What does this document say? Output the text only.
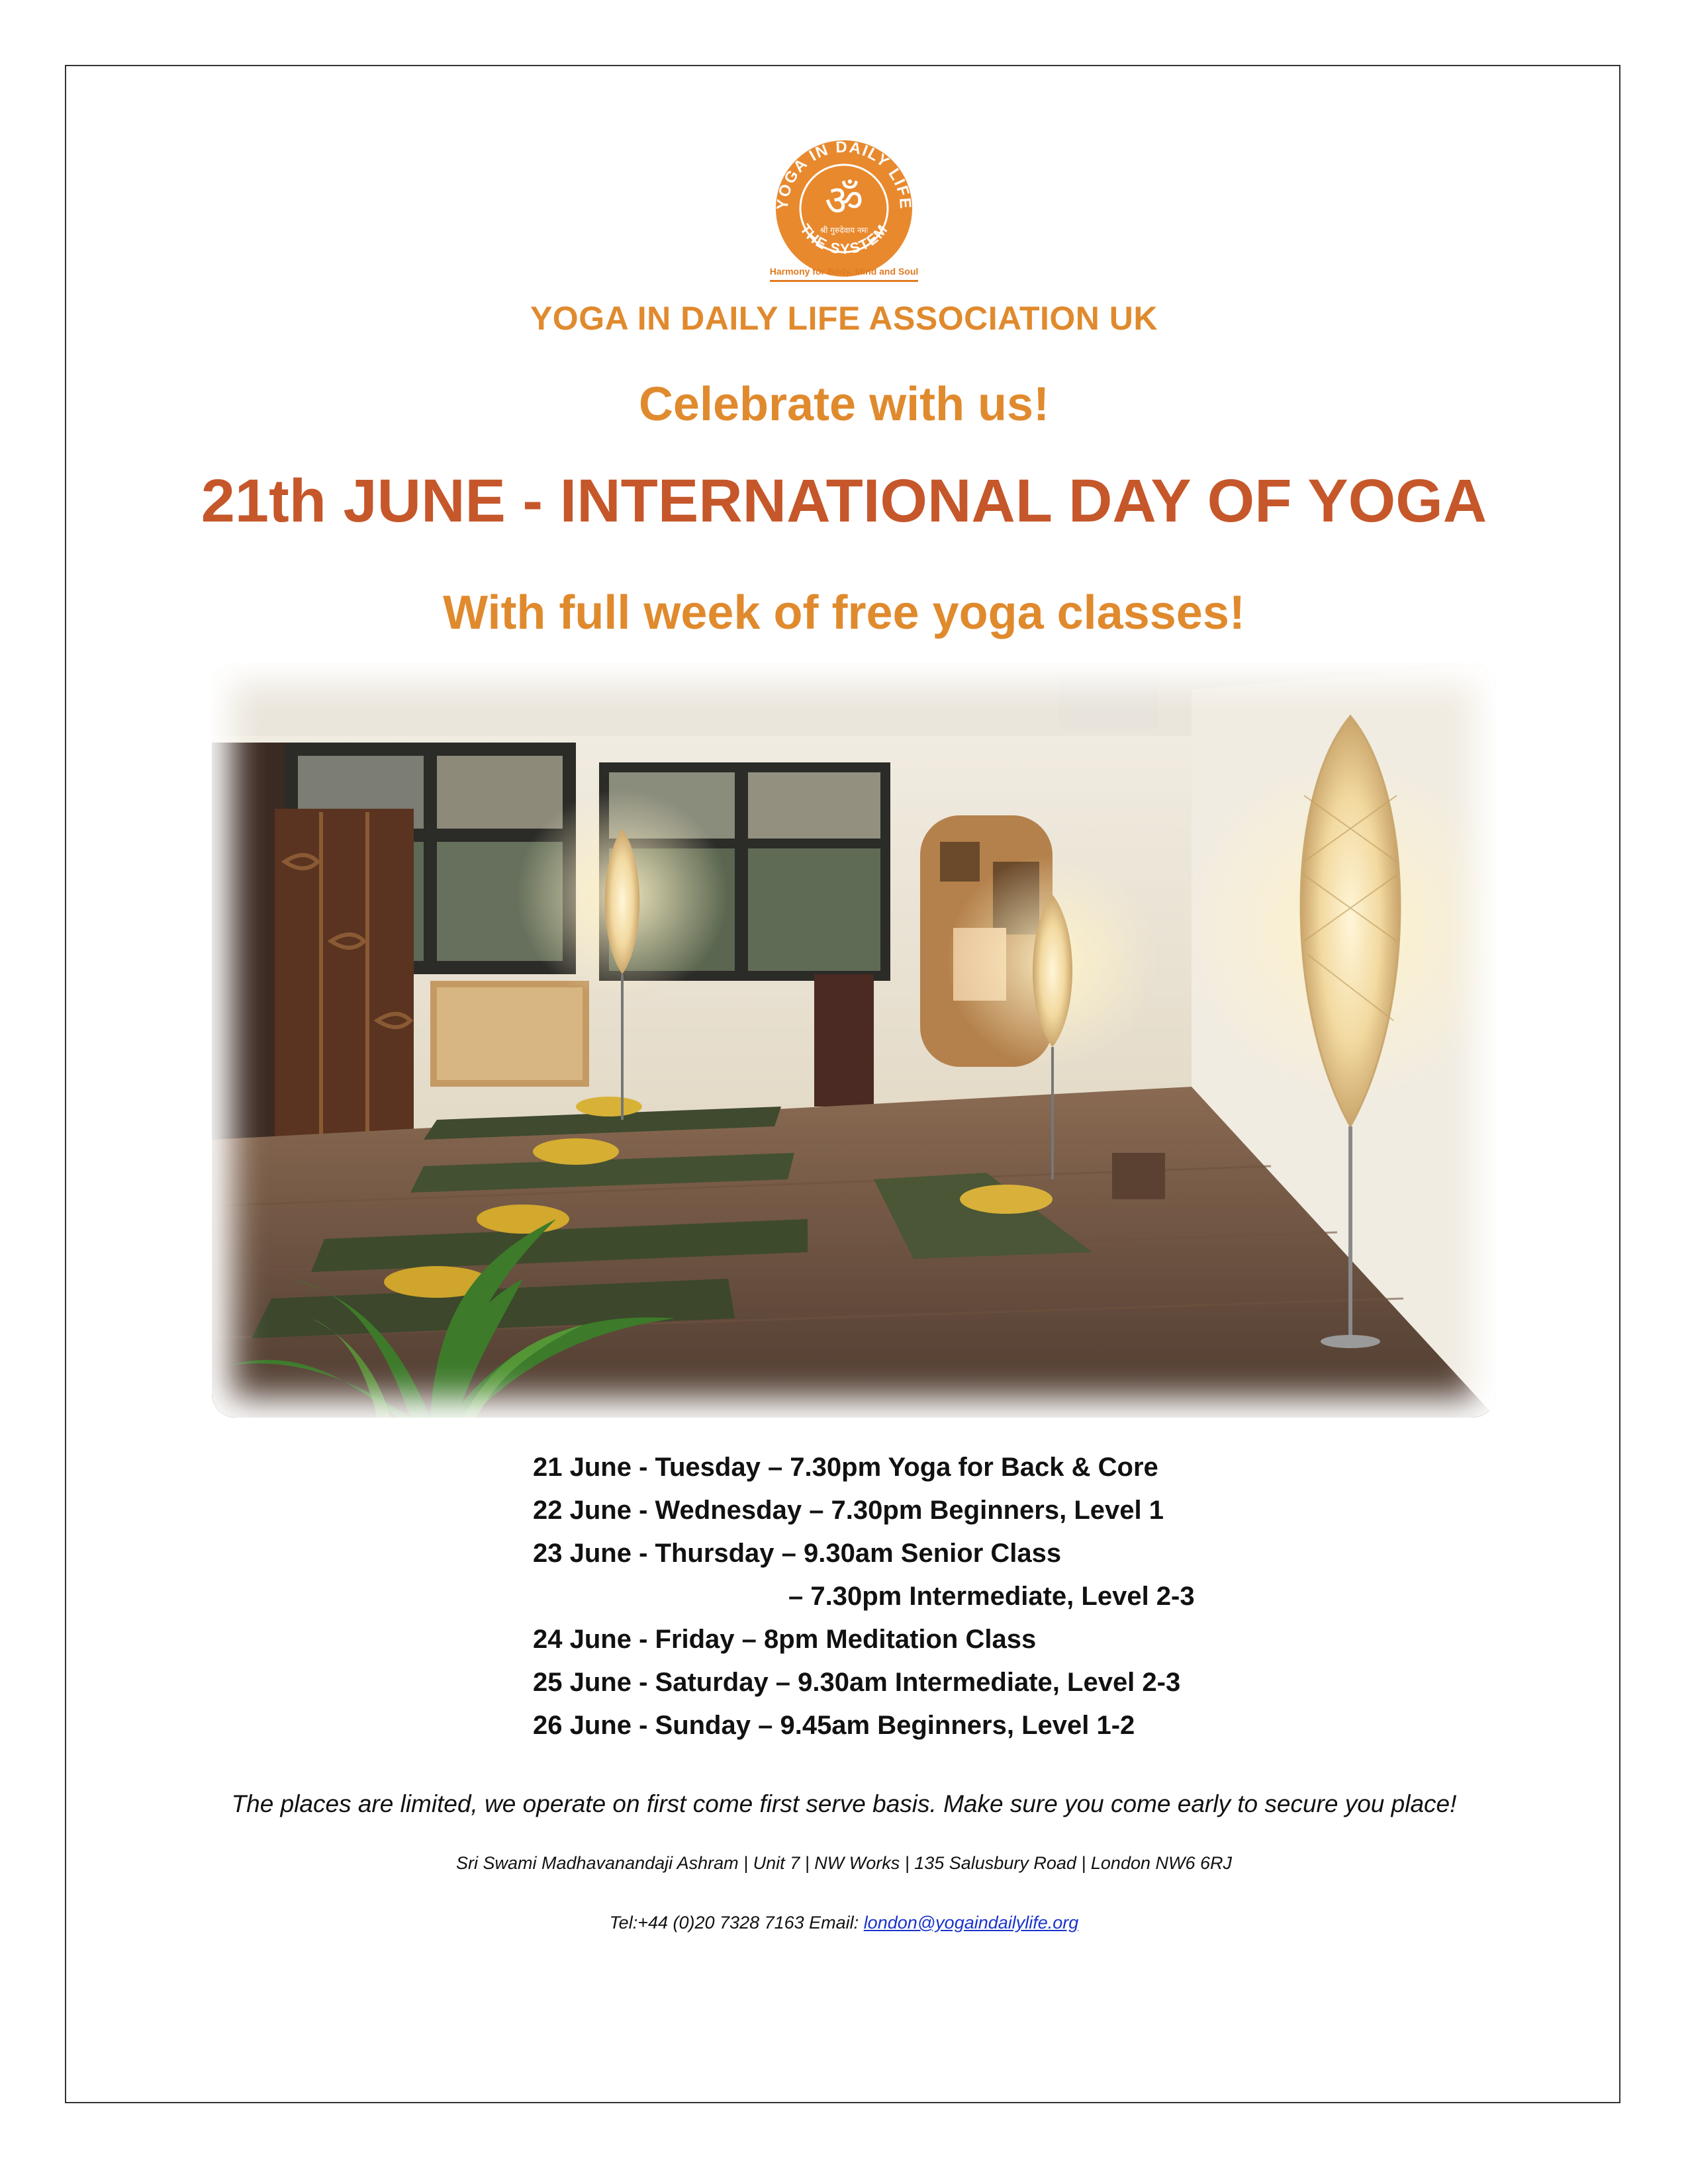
YOGA IN DAILY LIFE
THE SYSTEM
ॐ
श्री गुरुदेवाय नमः
Harmony for Body, Mind and Soul
YOGA IN DAILY LIFE ASSOCIATION UK
Celebrate with us!
21th JUNE - INTERNATIONAL DAY OF YOGA
With full week of free yoga classes!
21 June - Tuesday – 7.30pm Yoga for Back & Core
22 June - Wednesday – 7.30pm Beginners, Level 1
23 June - Thursday – 9.30am Senior Class
– 7.30pm Intermediate, Level 2-3
24 June - Friday – 8pm Meditation Class
25 June - Saturday – 9.30am Intermediate, Level 2-3
26 June - Sunday – 9.45am Beginners, Level 1-2
The places are limited, we operate on first come first serve basis. Make sure you come early to secure you place!
Sri Swami Madhavanandaji Ashram | Unit 7 | NW Works | 135 Salusbury Road | London NW6 6RJ
Tel:+44 (0)20 7328 7163 Email: london@yogaindailylife.org
